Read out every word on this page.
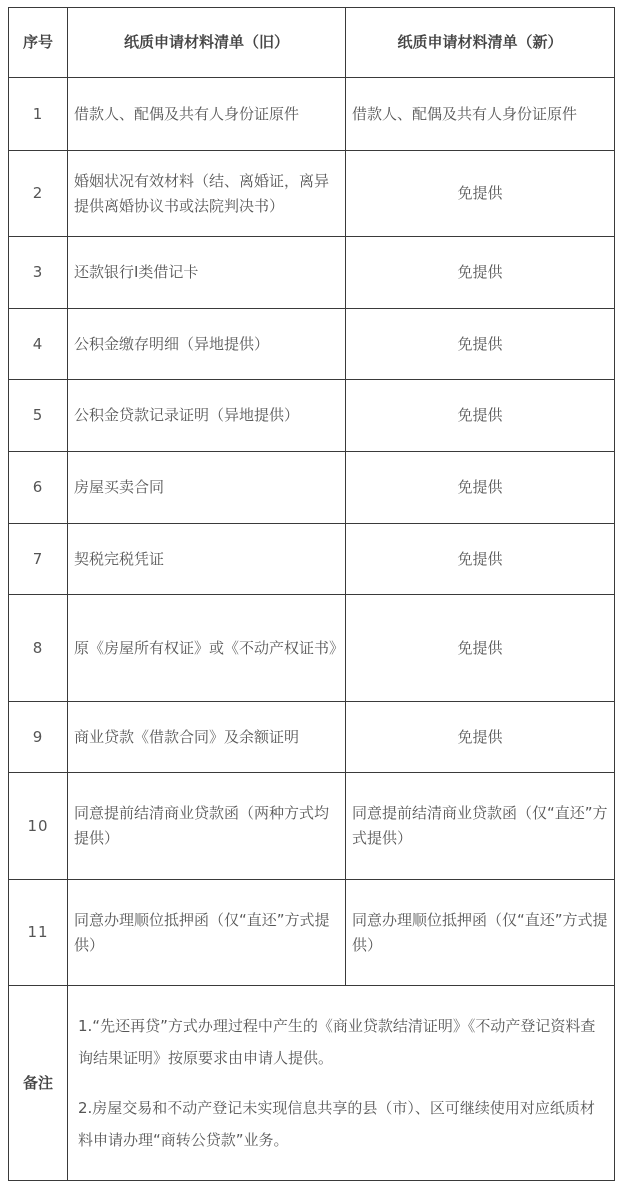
序号	纸质申请材料清单（旧）	纸质申请材料清单（新）
1	借款人、配偶及共有人身份证原件	借款人、配偶及共有人身份证原件
2	婚姻状况有效材料（结、离婚证，离异提供离婚协议书或法院判决书）	免提供
3	还款银行I类借记卡	免提供
4	公积金缴存明细（异地提供）	免提供
5	公积金贷款记录证明（异地提供）	免提供
6	房屋买卖合同	免提供
7	契税完税凭证	免提供
8	原《房屋所有权证》或《不动产权证书》	免提供
9	商业贷款《借款合同》及余额证明	免提供
10	同意提前结清商业贷款函（两种方式均提供）	同意提前结清商业贷款函（仅“直还”方式提供）
11	同意办理顺位抵押函（仅“直还”方式提供）	同意办理顺位抵押函（仅“直还”方式提供）
备注	1.“先还再贷”方式办理过程中产生的《商业贷款结清证明》《不动产登记资料查询结果证明》按原要求由申请人提供。

2.房屋交易和不动产登记未实现信息共享的县（市）、区可继续使用对应纸质材料申请办理“商转公贷款”业务。	
